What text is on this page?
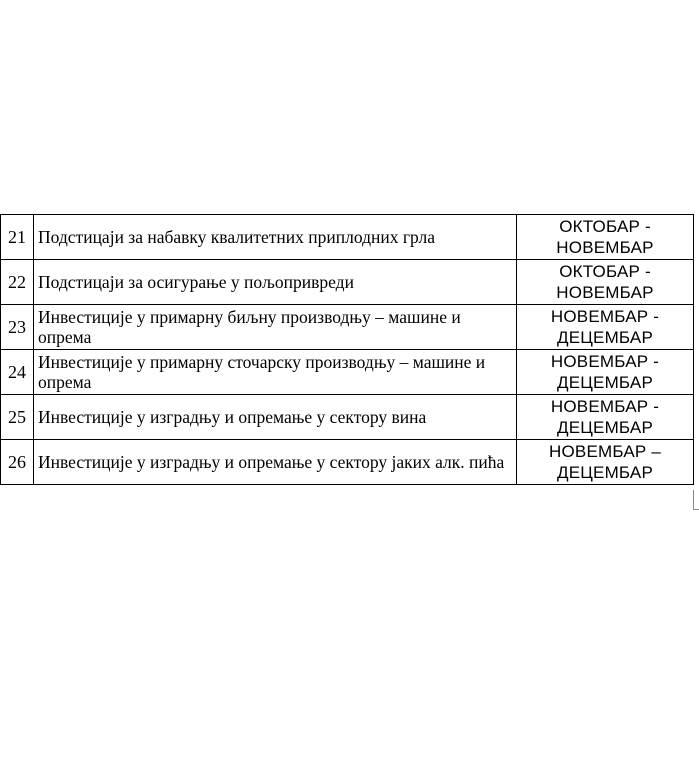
21	Подстицаји за набавку квалитетних приплодних грла	ОКТОБАР -
НОВЕМБАР

22	Подстицаји за осигурање у пољопривреди	ОКТОБАР -
НОВЕМБАР

23	Инвестиције у примарну биљну производњу – машине и опрема	НОВЕМБАР -
ДЕЦЕМБАР

24	Инвестиције у примарну сточарску производњу – машине и опрема	НОВЕМБАР -
ДЕЦЕМБАР

25	Инвестиције у изградњу и опремање у сектору вина	НОВЕМБАР -
ДЕЦЕМБАР

26	Инвестиције у изградњу и опремање у сектору јаких алк. пића	НОВЕМБАР –
ДЕЦЕМБАР
